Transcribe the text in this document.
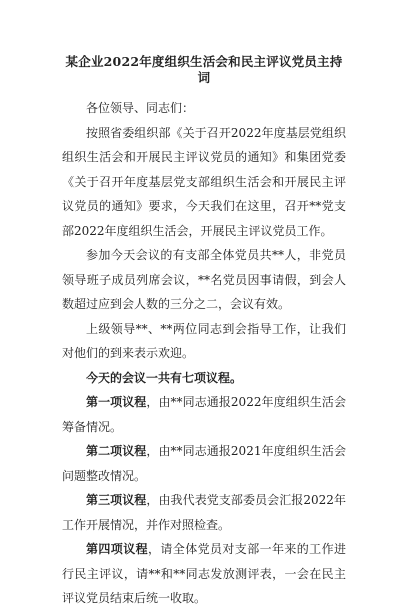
某企业2022年度组织生活会和民主评议党员主持词

各位领导、同志们：

按照省委组织部《关于召开2022年度基层党组织组织生活会和开展民主评议党员的通知》和集团党委《关于召开年度基层党支部组织生活会和开展民主评议党员的通知》要求，今天我们在这里，召开**党支部2022年度组织生活会，开展民主评议党员工作。

参加今天会议的有支部全体党员共**人，非党员领导班子成员列席会议，**名党员因事请假，到会人数超过应到会人数的三分之二，会议有效。

上级领导**、**两位同志到会指导工作，让我们对他们的到来表示欢迎。

今天的会议一共有七项议程。

第一项议程，由**同志通报2022年度组织生活会筹备情况。

第二项议程，由**同志通报2021年度组织生活会问题整改情况。

第三项议程，由我代表党支部委员会汇报2022年工作开展情况，并作对照检查。

第四项议程，请全体党员对支部一年来的工作进行民主评议，请**和**同志发放测评表，一会在民主评议党员结束后统一收取。
